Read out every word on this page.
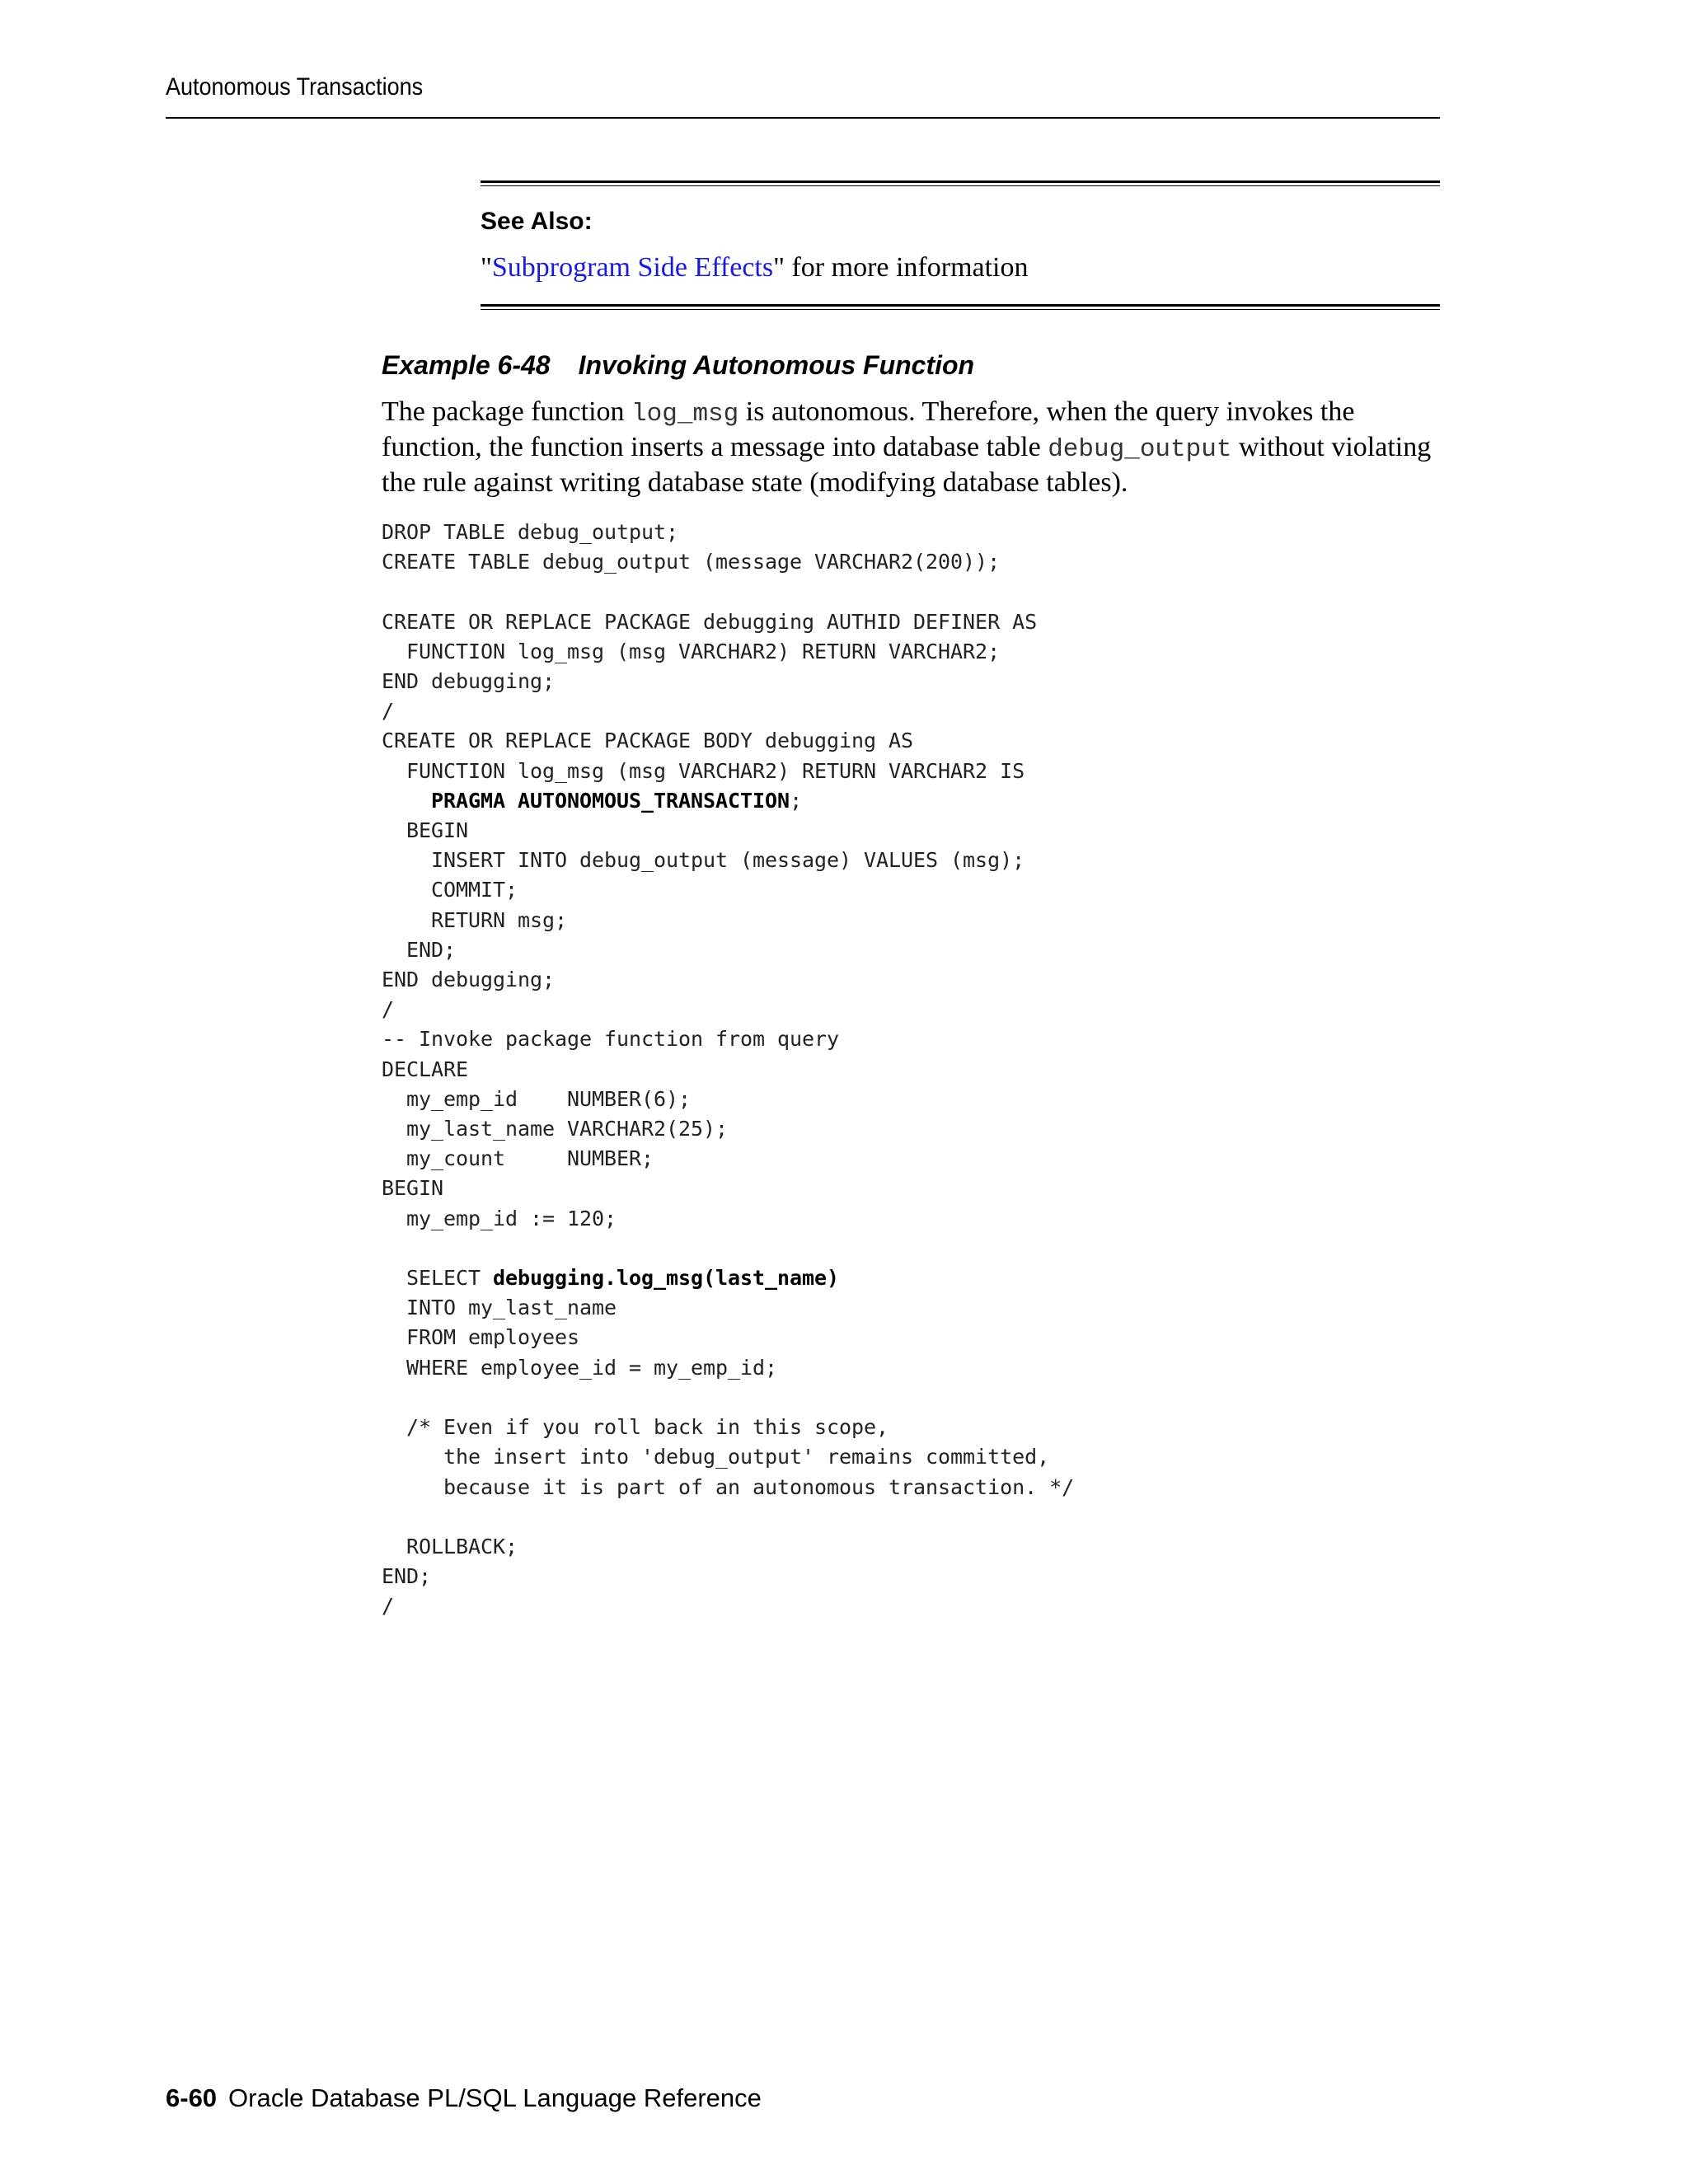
Autonomous Transactions
See Also:
"Subprogram Side Effects" for more information
Example 6-48 Invoking Autonomous Function
The package function log_msg is autonomous. Therefore, when the query invokes the function, the function inserts a message into database table debug_output without violating the rule against writing database state (modifying database tables).
DROP TABLE debug_output;
CREATE TABLE debug_output (message VARCHAR2(200));

CREATE OR REPLACE PACKAGE debugging AUTHID DEFINER AS
FUNCTION log_msg (msg VARCHAR2) RETURN VARCHAR2;
END debugging;
/
CREATE OR REPLACE PACKAGE BODY debugging AS
FUNCTION log_msg (msg VARCHAR2) RETURN VARCHAR2 IS
PRAGMA AUTONOMOUS_TRANSACTION;
BEGIN
INSERT INTO debug_output (message) VALUES (msg);
COMMIT;
RETURN msg;
END;
END debugging;
/
-- Invoke package function from query
DECLARE
my_emp_id    NUMBER(6);
my_last_name VARCHAR2(25);
my_count     NUMBER;
BEGIN
my_emp_id := 120;

SELECT debugging.log_msg(last_name)
INTO my_last_name
FROM employees
WHERE employee_id = my_emp_id;

/* Even if you roll back in this scope,
the insert into 'debug_output' remains committed,
because it is part of an autonomous transaction. */

ROLLBACK;
END;
/
6-60 Oracle Database PL/SQL Language Reference
